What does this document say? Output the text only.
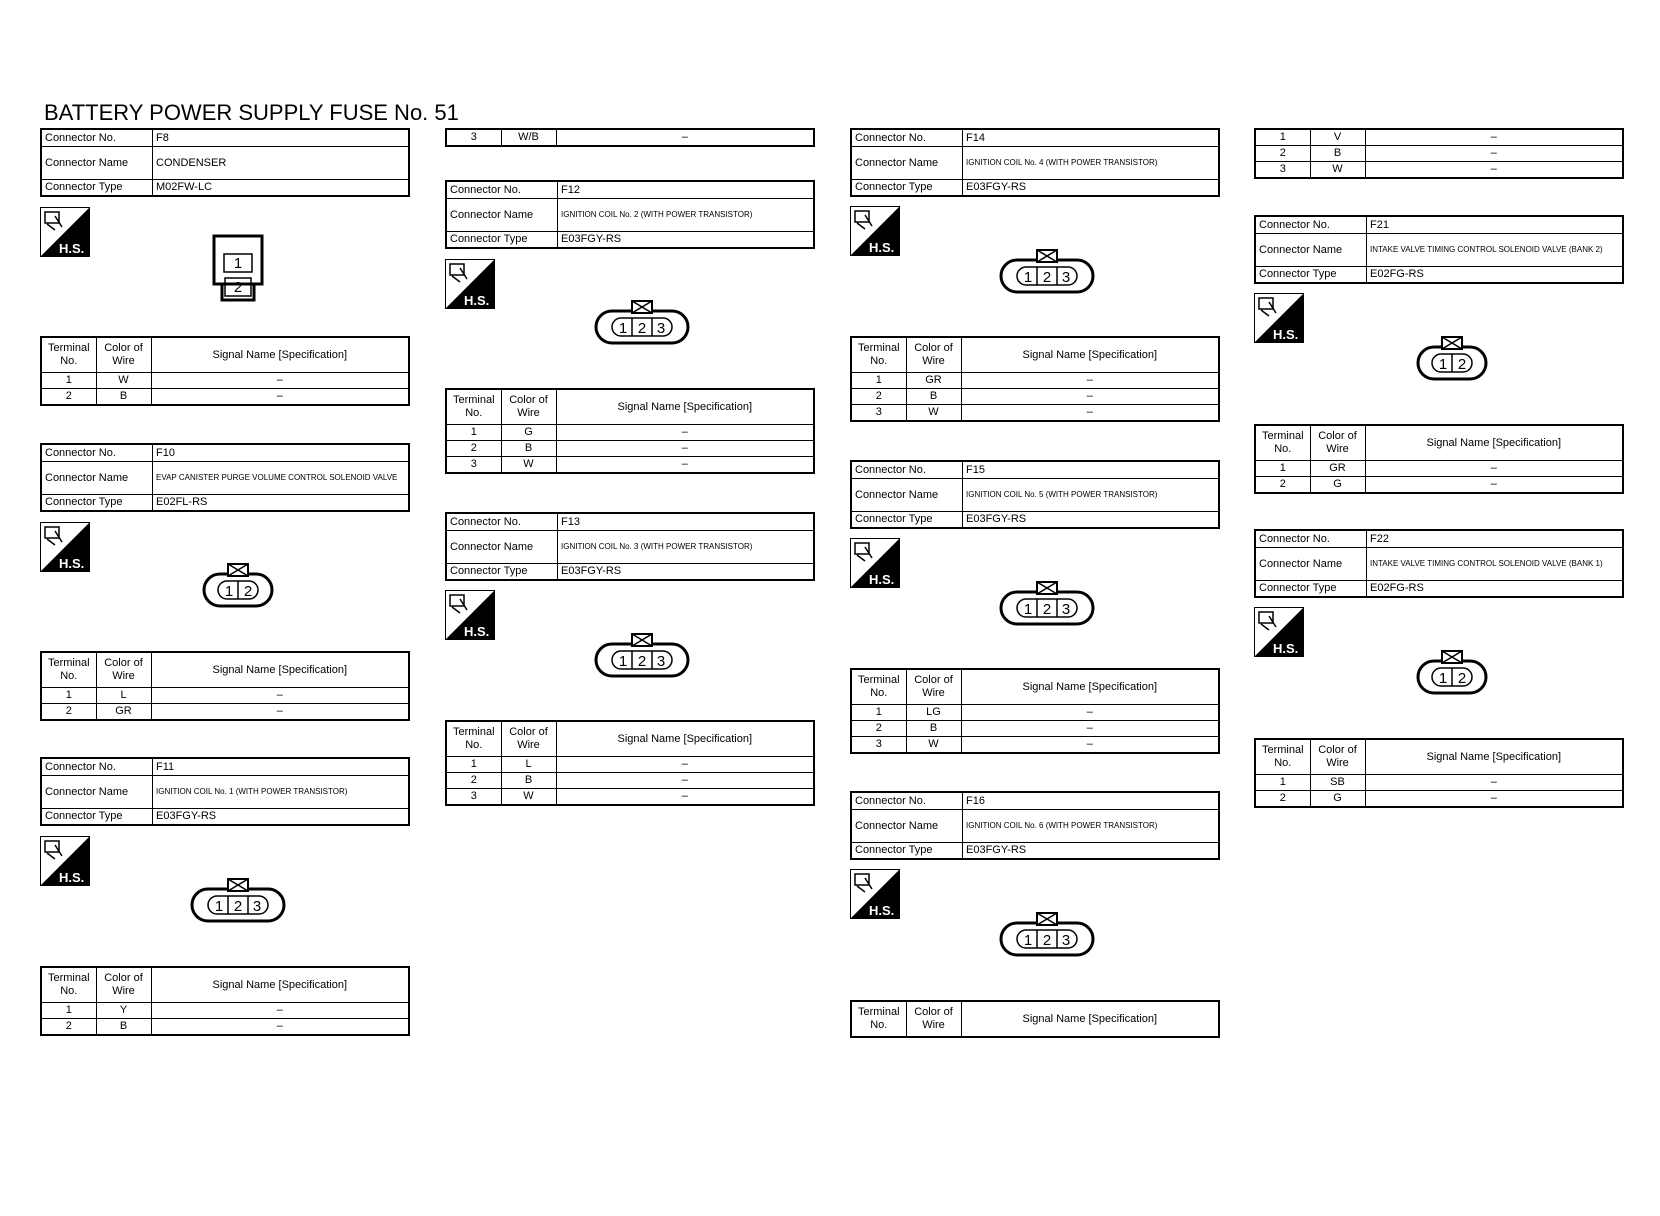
BATTERY POWER SUPPLY FUSE No. 51
Connector No.	F8
Connector Name	CONDENSER
Connector Type	M02FW-LC
H.S.
1
2
Terminal No.	Color of Wire	Signal Name [Specification]
1	W	–
2	B	–
Connector No.	F10
Connector Name	EVAP CANISTER PURGE VOLUME CONTROL SOLENOID VALVE
Connector Type	E02FL-RS
H.S.
1 2
Terminal No.	Color of Wire	Signal Name [Specification]
1	L	–
2	GR	–
Connector No.	F11
Connector Name	IGNITION COIL No. 1 (WITH POWER TRANSISTOR)
Connector Type	E03FGY-RS
H.S.
1 2 3
Terminal No.	Color of Wire	Signal Name [Specification]
1	Y	–
2	B	–
3	W/B	–
Connector No.	F12
Connector Name	IGNITION COIL No. 2 (WITH POWER TRANSISTOR)
Connector Type	E03FGY-RS
H.S.
1 2 3
Terminal No.	Color of Wire	Signal Name [Specification]
1	G	–
2	B	–
3	W	–
Connector No.	F13
Connector Name	IGNITION COIL No. 3 (WITH POWER TRANSISTOR)
Connector Type	E03FGY-RS
H.S.
1 2 3
Terminal No.	Color of Wire	Signal Name [Specification]
1	L	–
2	B	–
3	W	–
Connector No.	F14
Connector Name	IGNITION COIL No. 4 (WITH POWER TRANSISTOR)
Connector Type	E03FGY-RS
H.S.
1 2 3
Terminal No.	Color of Wire	Signal Name [Specification]
1	GR	–
2	B	–
3	W	–
Connector No.	F15
Connector Name	IGNITION COIL No. 5 (WITH POWER TRANSISTOR)
Connector Type	E03FGY-RS
H.S.
1 2 3
Terminal No.	Color of Wire	Signal Name [Specification]
1	LG	–
2	B	–
3	W	–
Connector No.	F16
Connector Name	IGNITION COIL No. 6 (WITH POWER TRANSISTOR)
Connector Type	E03FGY-RS
H.S.
1 2 3
Terminal No.	Color of Wire	Signal Name [Specification]
1	V	–
2	B	–
3	W	–
Connector No.	F21
Connector Name	INTAKE VALVE TIMING CONTROL SOLENOID VALVE (BANK 2)
Connector Type	E02FG-RS
H.S.
1 2
Terminal No.	Color of Wire	Signal Name [Specification]
1	GR	–
2	G	–
Connector No.	F22
Connector Name	INTAKE VALVE TIMING CONTROL SOLENOID VALVE (BANK 1)
Connector Type	E02FG-RS
H.S.
1 2
Terminal No.	Color of Wire	Signal Name [Specification]
1	SB	–
2	G	–
